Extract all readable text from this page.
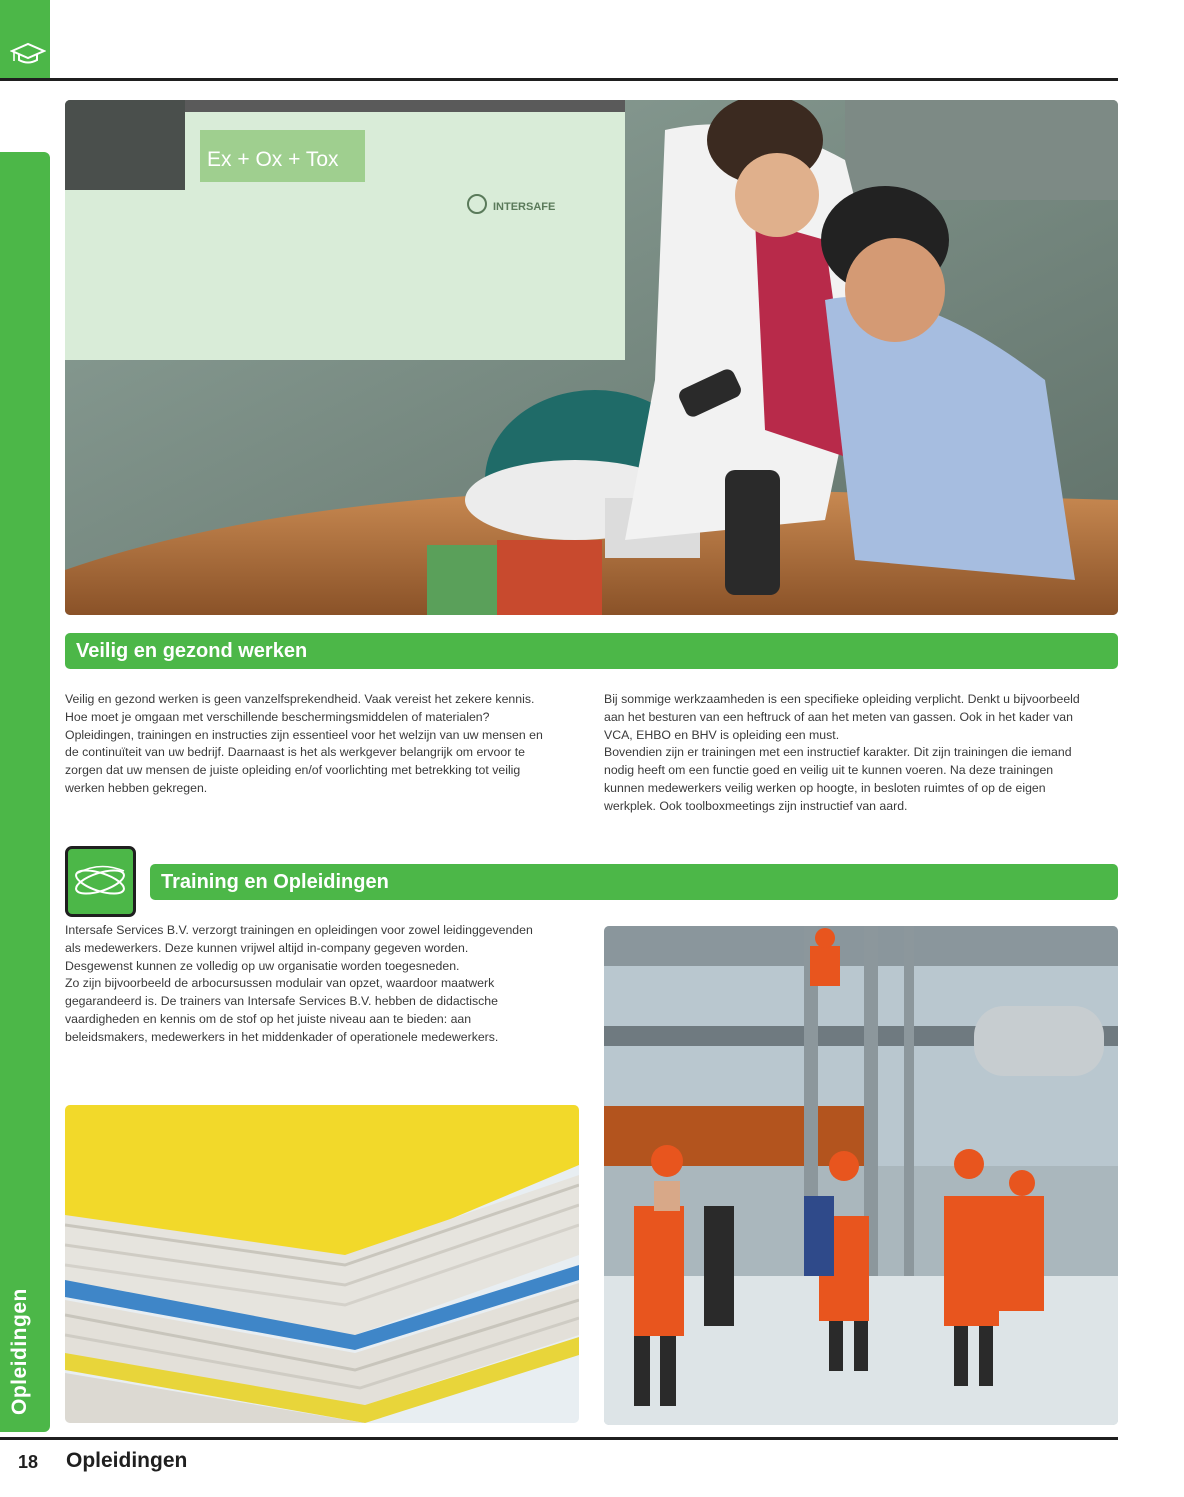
Opleidingen
Ex + Ox + Tox
INTERSAFE
Veilig en gezond werken
Veilig en gezond werken is geen vanzelfsprekendheid. Vaak vereist het zekere kennis.
Hoe moet je omgaan met verschillende beschermingsmiddelen of materialen?
Opleidingen, trainingen en instructies zijn essentieel voor het welzijn van uw mensen en
de continuïteit van uw bedrijf. Daarnaast is het als werkgever belangrijk om ervoor te
zorgen dat uw mensen de juiste opleiding en/of voorlichting met betrekking tot veilig
werken hebben gekregen.
Bij sommige werkzaamheden is een specifieke opleiding verplicht. Denkt u bijvoorbeeld
aan het besturen van een heftruck of aan het meten van gassen. Ook in het kader van
VCA, EHBO en BHV is opleiding een must.
Bovendien zijn er trainingen met een instructief karakter. Dit zijn trainingen die iemand
nodig heeft om een functie goed en veilig uit te kunnen voeren. Na deze trainingen
kunnen medewerkers veilig werken op hoogte, in besloten ruimtes of op de eigen
werkplek. Ook toolboxmeetings zijn instructief van aard.
Training en Opleidingen
Intersafe Services B.V. verzorgt trainingen en opleidingen voor zowel leidinggevenden
als medewerkers. Deze kunnen vrijwel altijd in-company gegeven worden.
Desgewenst kunnen ze volledig op uw organisatie worden toegesneden.
Zo zijn bijvoorbeeld de arbocursussen modulair van opzet, waardoor maatwerk
gegarandeerd is. De trainers van Intersafe Services B.V. hebben de didactische
vaardigheden en kennis om de stof op het juiste niveau aan te bieden: aan
beleidsmakers, medewerkers in het middenkader of operationele medewerkers.
18 Opleidingen
